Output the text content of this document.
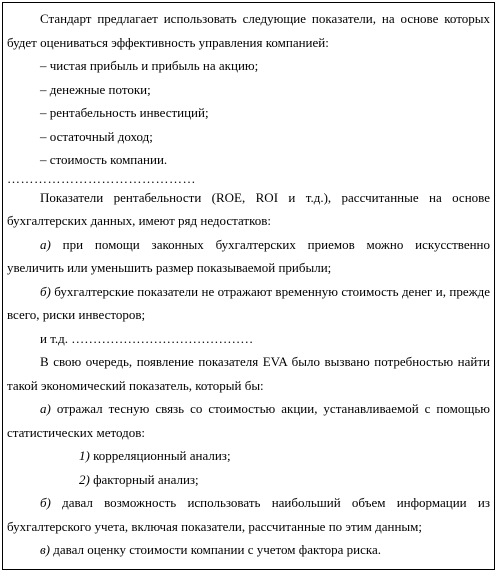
Стандарт предлагает использовать следующие показатели, на основе которых будет оцениваться эффективность управления компанией:

– чистая прибыль и прибыль на акцию;

– денежные потоки;

– рентабельность инвестиций;

– остаточный доход;

– стоимость компании.

……………………………………

Показатели рентабельности (ROE, ROI и т.д.), рассчитанные на основе бухгалтерских данных, имеют ряд недостатков:

а) при помощи законных бухгалтерских приемов можно искусственно увеличить или уменьшить размер показываемой прибыли;

б) бухгалтерские показатели не отражают временную стоимость денег и, прежде всего, риски инвесторов;

и т.д. ……………………………………

В свою очередь, появление показателя EVA было вызвано потребностью найти такой экономический показатель, который бы:

а) отражал тесную связь со стоимостью акции, устанавливаемой с помощью статистических методов:

1) корреляционный анализ;

2) факторный анализ;

б) давал возможность использовать наибольший объем информации из бухгалтерского учета, включая показатели, рассчитанные по этим данным;

в) давал оценку стоимости компании с учетом фактора риска.
